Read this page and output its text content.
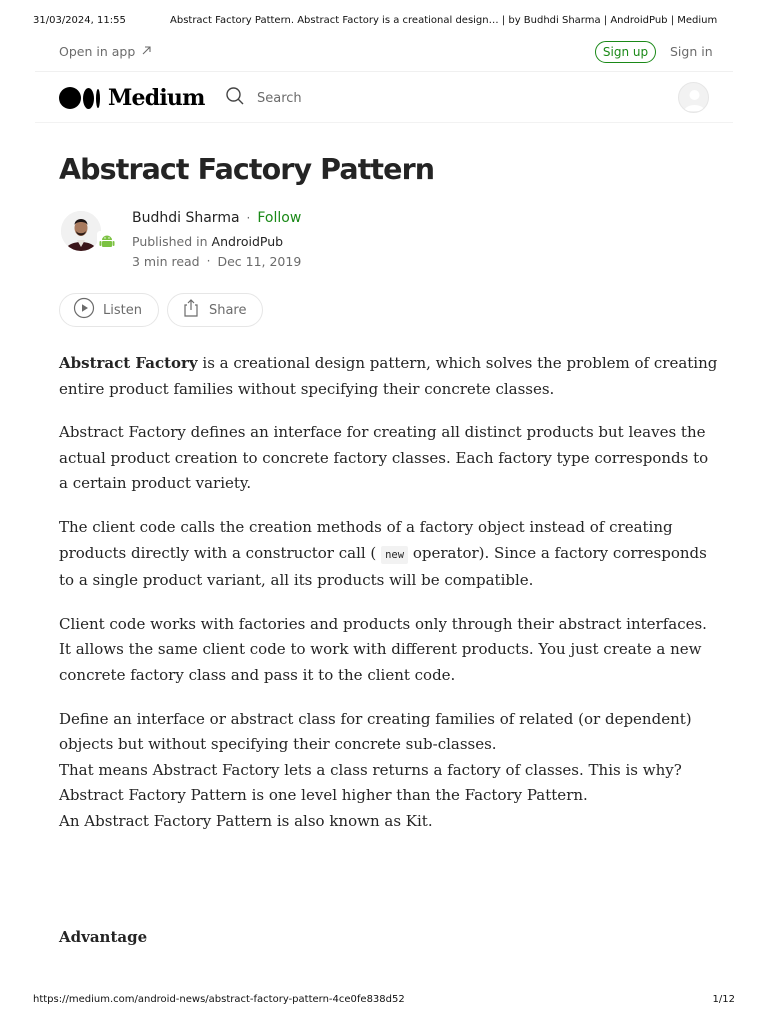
31/03/2024, 11:55	Abstract Factory Pattern. Abstract Factory is a creational design… | by Budhdi Sharma | AndroidPub | Medium
Open in app	Sign up	Sign in
Medium	Search
Abstract Factory Pattern
Budhdi Sharma · Follow
Published in AndroidPub
3 min read · Dec 11, 2019
Listen	Share

Abstract Factory is a creational design pattern, which solves the problem of creating entire product families without specifying their concrete classes.

Abstract Factory defines an interface for creating all distinct products but leaves the actual product creation to concrete factory classes. Each factory type corresponds to a certain product variety.

The client code calls the creation methods of a factory object instead of creating products directly with a constructor call ( new operator). Since a factory corresponds to a single product variant, all its products will be compatible.

Client code works with factories and products only through their abstract interfaces. It allows the same client code to work with different products. You just create a new concrete factory class and pass it to the client code.

Define an interface or abstract class for creating families of related (or dependent) objects but without specifying their concrete sub-classes.

That means Abstract Factory lets a class returns a factory of classes. This is why? Abstract Factory Pattern is one level higher than the Factory Pattern.

An Abstract Factory Pattern is also known as Kit.

Advantage
https://medium.com/android-news/abstract-factory-pattern-4ce0fe838d52	1/12
